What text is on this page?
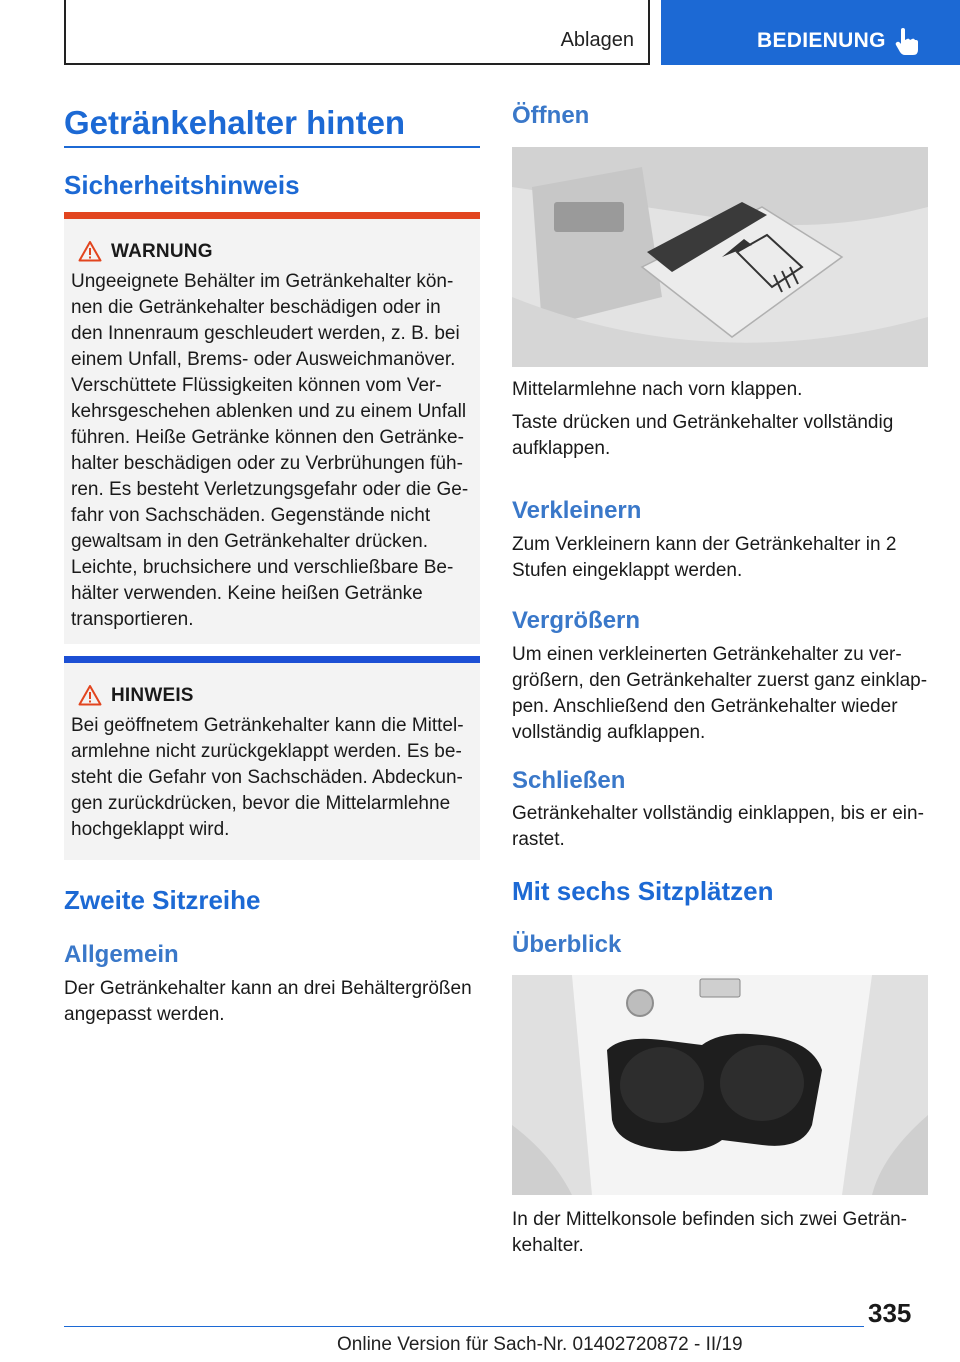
Ablagen	BEDIENUNG
Getränkehalter hinten
Sicherheitshinweis
WARNUNG
Ungeeignete Behälter im Getränkehalter können die Getränkehalter beschädigen oder in den Innenraum geschleudert werden, z. B. bei einem Unfall, Brems- oder Ausweichmanöver. Verschüttete Flüssigkeiten können vom Verkehrsgeschehen ablenken und zu einem Unfall führen. Heiße Getränke können den Getränkehalter beschädigen oder zu Verbrühungen führen. Es besteht Verletzungsgefahr oder die Gefahr von Sachschäden. Gegenstände nicht gewaltsam in den Getränkehalter drücken. Leichte, bruchsichere und verschließbare Behälter verwenden. Keine heißen Getränke transportieren.
HINWEIS
Bei geöffnetem Getränkehalter kann die Mittelarmlehne nicht zurückgeklappt werden. Es besteht die Gefahr von Sachschäden. Abdeckungen zurückdrücken, bevor die Mittelarmlehne hochgeklappt wird.
Zweite Sitzreihe
Allgemein
Der Getränkehalter kann an drei Behältergrößen angepasst werden.
Öffnen
Mittelarmlehne nach vorn klappen.
Taste drücken und Getränkehalter vollständig aufklappen.
Verkleinern
Zum Verkleinern kann der Getränkehalter in 2 Stufen eingeklappt werden.
Vergrößern
Um einen verkleinerten Getränkehalter zu vergrößern, den Getränkehalter zuerst ganz einklappen. Anschließend den Getränkehalter wieder vollständig aufklappen.
Schließen
Getränkehalter vollständig einklappen, bis er einrastet.
Mit sechs Sitzplätzen
Überblick
In der Mittelkonsole befinden sich zwei Getränkehalter.
335
Online Version für Sach-Nr. 01402720872 - II/19
